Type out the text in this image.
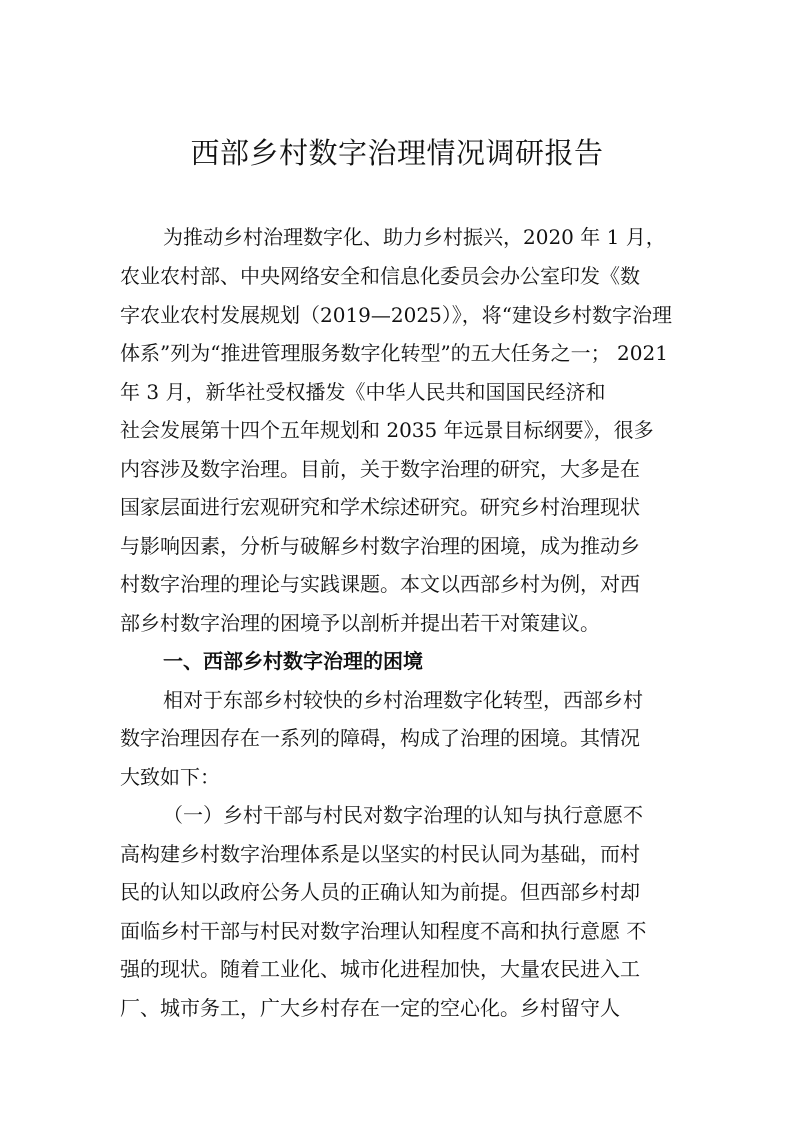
西部乡村数字治理情况调研报告
为推动乡村治理数字化、助力乡村振兴，2020 年 1 月，
农业农村部、中央网络安全和信息化委员会办公室印发《数
字农业农村发展规划（2019—2025）》，将“建设乡村数字治理
体系”列为“推进管理服务数字化转型”的五大任务之一； 2021
年 3 月，新华社受权播发《中华人民共和国国民经济和
社会发展第十四个五年规划和 2035 年远景目标纲要》，很多
内容涉及数字治理。目前，关于数字治理的研究，大多是在
国家层面进行宏观研究和学术综述研究。研究乡村治理现状
与影响因素，分析与破解乡村数字治理的困境，成为推动乡
村数字治理的理论与实践课题。本文以西部乡村为例，对西
部乡村数字治理的困境予以剖析并提出若干对策建议。
一、西部乡村数字治理的困境
相对于东部乡村较快的乡村治理数字化转型，西部乡村
数字治理因存在一系列的障碍，构成了治理的困境。其情况
大致如下：
（一）乡村干部与村民对数字治理的认知与执行意愿不
高构建乡村数字治理体系是以坚实的村民认同为基础，而村
民的认知以政府公务人员的正确认知为前提。但西部乡村却
面临乡村干部与村民对数字治理认知程度不高和执行意愿 不
强的现状。随着工业化、城市化进程加快，大量农民进入工
厂、城市务工，广大乡村存在一定的空心化。乡村留守人
